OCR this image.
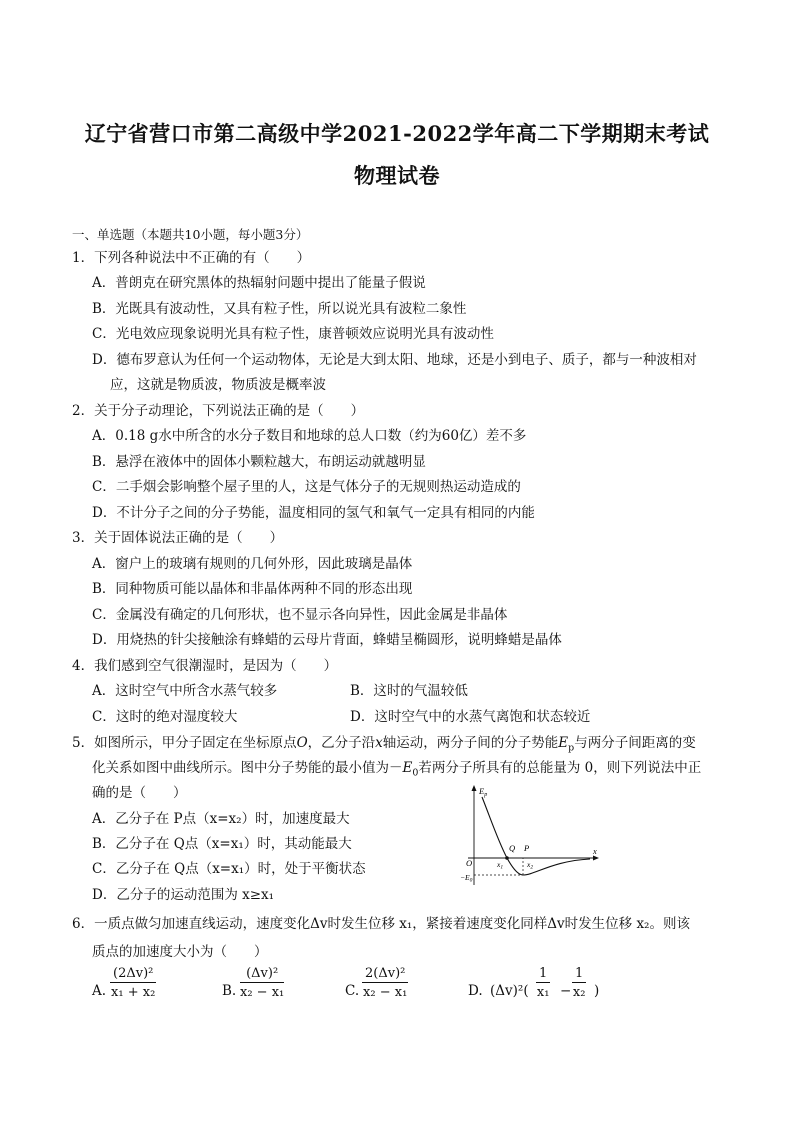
辽宁省营口市第二高级中学2021-2022学年高二下学期期末考试
物理试卷
一、单选题（本题共10小题，每小题3分）
1．下列各种说法中不正确的有（　　）
A．普朗克在研究黑体的热辐射问题中提出了能量子假说
B．光既具有波动性，又具有粒子性，所以说光具有波粒二象性
C．光电效应现象说明光具有粒子性，康普顿效应说明光具有波动性
D．德布罗意认为任何一个运动物体，无论是大到太阳、地球，还是小到电子、质子，都与一种波相对
应，这就是物质波，物质波是概率波
2．关于分子动理论，下列说法正确的是（　　）
A．0.18 g水中所含的水分子数目和地球的总人口数（约为60亿）差不多
B．悬浮在液体中的固体小颗粒越大，布朗运动就越明显
C．二手烟会影响整个屋子里的人，这是气体分子的无规则热运动造成的
D．不计分子之间的分子势能，温度相同的氢气和氧气一定具有相同的内能
3．关于固体说法正确的是（　　）
A．窗户上的玻璃有规则的几何外形，因此玻璃是晶体
B．同种物质可能以晶体和非晶体两种不同的形态出现
C．金属没有确定的几何形状，也不显示各向异性，因此金属是非晶体
D．用烧热的针尖接触涂有蜂蜡的云母片背面，蜂蜡呈椭圆形，说明蜂蜡是晶体
4．我们感到空气很潮湿时，是因为（　　）
A．这时空气中所含水蒸气较多	B．这时的气温较低
C．这时的绝对湿度较大	D．这时空气中的水蒸气离饱和状态较近
5．如图所示，甲分子固定在坐标原点O，乙分子沿x轴运动，两分子间的分子势能$E_p$与两分子间距离的变
化关系如图中曲线所示。图中分子势能的最小值为$-E_0$若两分子所具有的总能量为 0，则下列说法中正
确的是（　　）
A．乙分子在 P点（x=x₂）时，加速度最大
B．乙分子在 Q点（x=x₁）时，其动能最大
C．乙分子在 Q点（x=x₁）时，处于平衡状态
D．乙分子的运动范围为 x≥x₁
$E_p$
x
O
Q P
$x_1$	$x_2$
$-E_0$
6．一质点做匀加速直线运动，速度变化Δv时发生位移 x₁，紧接着速度变化同样Δv时发生位移 x₂。则该
质点的加速度大小为（　　）
A. $\frac{\text{(2Δv)²}}{\text{x₁ + x₂}}$	B. $\frac{\text{(Δv)²}}{\text{x₂ − x₁}}$	C. $\frac{\text{2(Δv)²}}{\text{x₂ − x₁}}$	D. $(\Delta v)^2( \frac{1}{\text{x₁}} - \frac{1}{\text{x₂}}$ )
